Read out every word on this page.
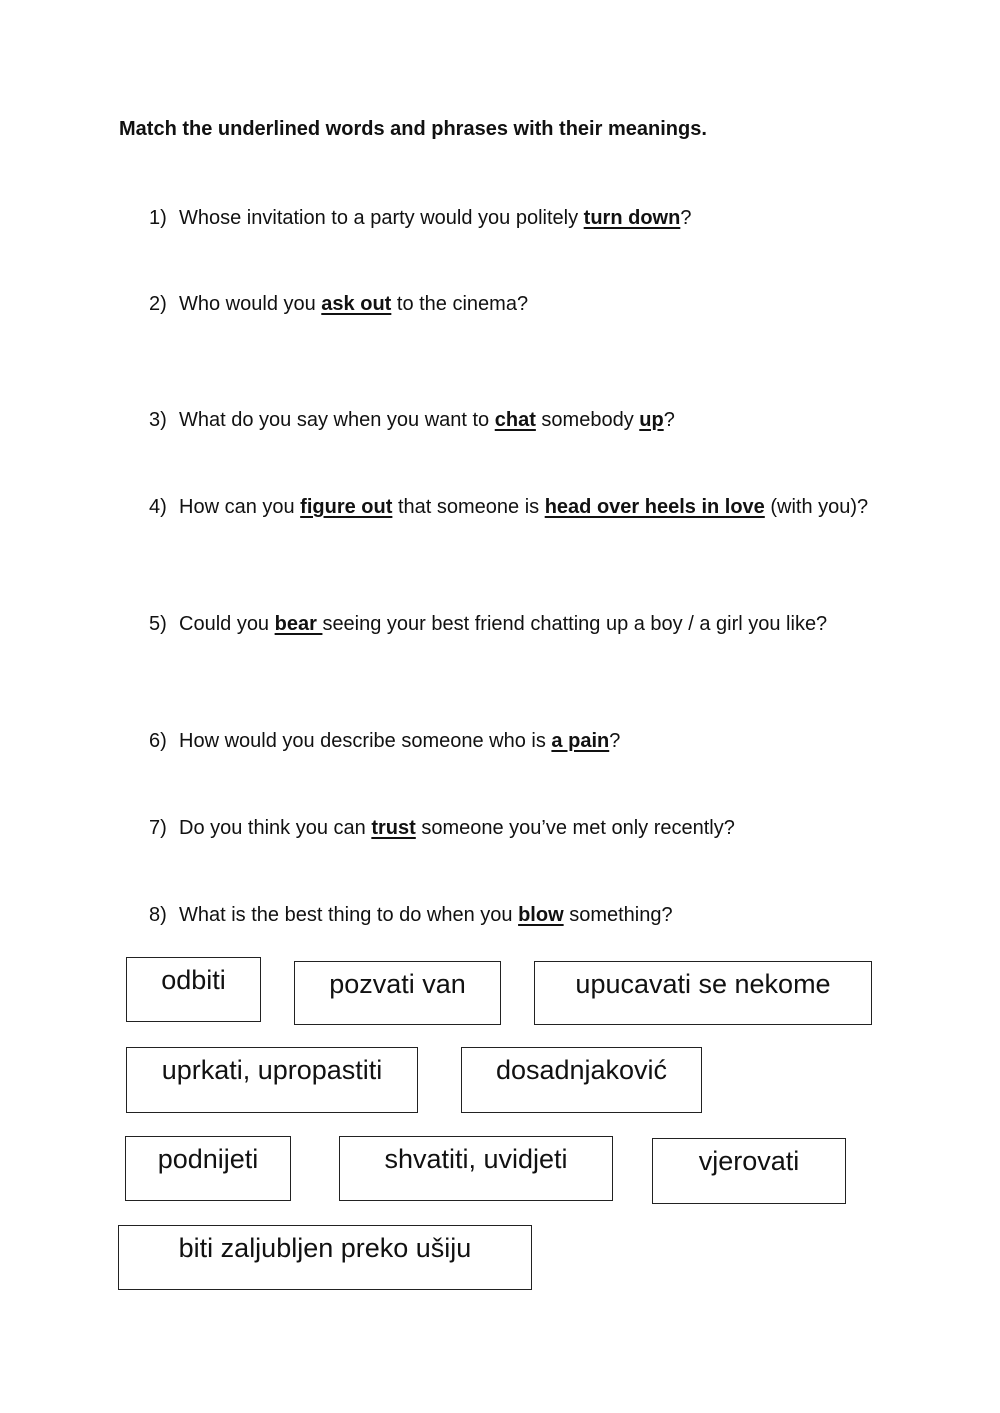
Match the underlined words and phrases with their meanings.
1) Whose invitation to a party would you politely turn down?
2) Who would you ask out to the cinema?
3) What do you say when you want to chat somebody up?
4) How can you figure out that someone is head over heels in love (with you)?
5) Could you bear seeing your best friend chatting up a boy / a girl you like?
6) How would you describe someone who is a pain?
7) Do you think you can trust someone you’ve met only recently?
8) What is the best thing to do when you blow something?
odbiti	pozvati van	upucavati se nekome
uprkati, upropastiti	dosadnjaković
podnijeti	shvatiti, uvidjeti	vjerovati
biti zaljubljen preko ušiju
